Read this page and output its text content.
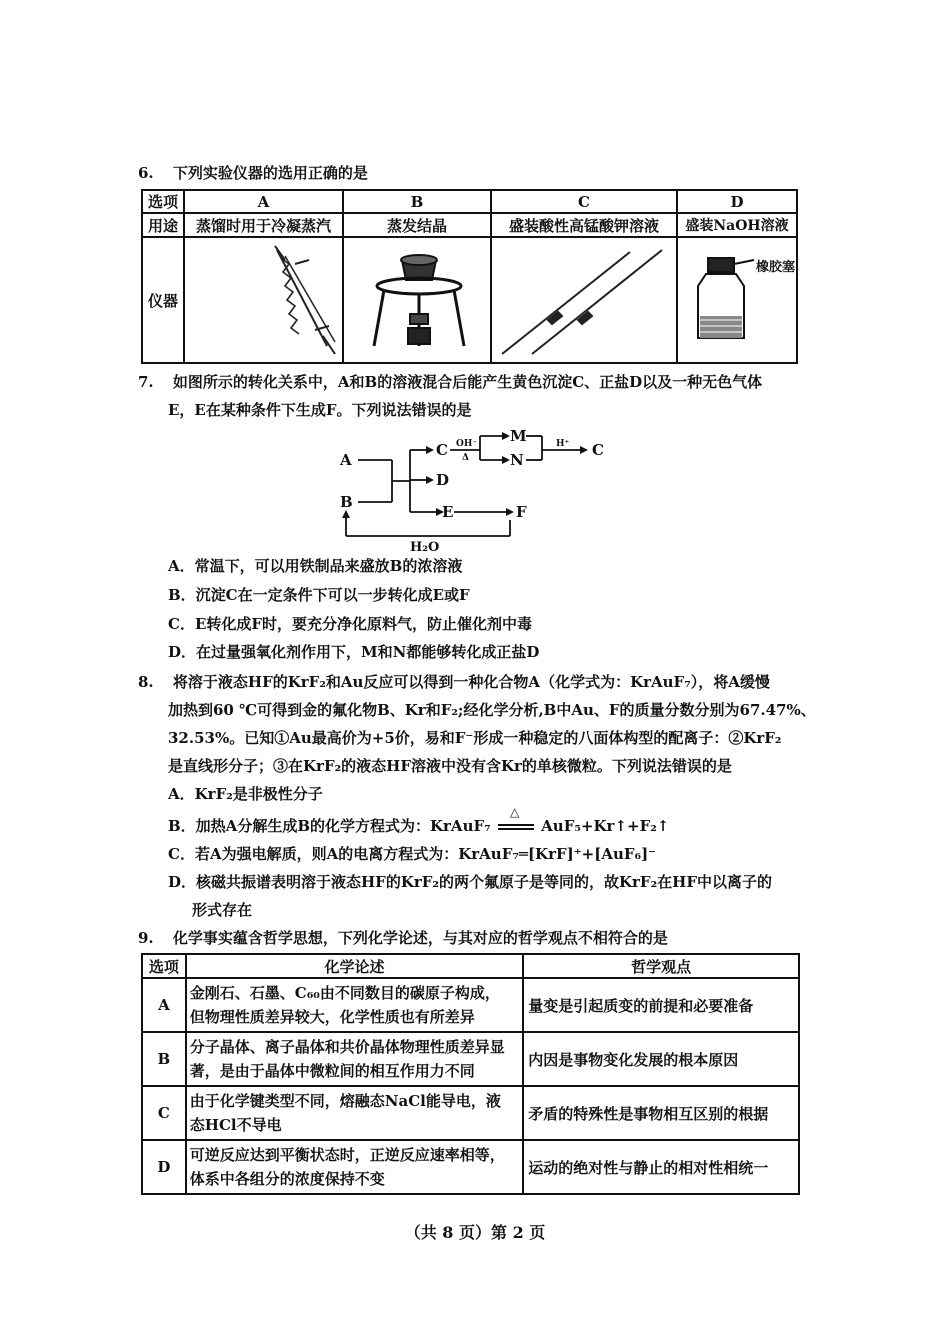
6. 下列实验仪器的选用正确的是
选项	A	B	C	D
用途	蒸馏时用于冷凝蒸汽	蒸发结晶	盛装酸性高锰酸钾溶液	盛装NaOH溶液
仪器				橡胶塞
7. 如图所示的转化关系中，A和B的溶液混合后能产生黄色沉淀C、正盐D以及一种无色气体
E，E在某种条件下生成F。下列说法错误的是
A
B
C
D
E	F
M
N
C
OH⁻
Δ
H⁺
H₂O
A．常温下，可以用铁制品来盛放B的浓溶液
B．沉淀C在一定条件下可以一步转化成E或F
C．E转化成F时，要充分净化原料气，防止催化剂中毒
D．在过量强氧化剂作用下，M和N都能够转化成正盐D
8. 将溶于液态HF的KrF₂和Au反应可以得到一种化合物A（化学式为：KrAuF₇），将A缓慢
加热到60 ℃可得到金的氟化物B、Kr和F₂;经化学分析,B中Au、F的质量分数分别为67.47%、
32.53%。已知①Au最高价为+5价，易和F⁻形成一种稳定的八面体构型的配离子：②KrF₂
是直线形分子；③在KrF₂的液态HF溶液中没有含Kr的单核微粒。下列说法错误的是
A．KrF₂是非极性分子
B．加热A分解生成B的化学方程式为：KrAuF₇
△
AuF₅+Kr↑+F₂↑
C．若A为强电解质，则A的电离方程式为：KrAuF₇═[KrF]⁺+[AuF₆]⁻
D．核磁共振谱表明溶于液态HF的KrF₂的两个氟原子是等同的，故KrF₂在HF中以离子的
形式存在
9. 化学事实蕴含哲学思想，下列化学论述，与其对应的哲学观点不相符合的是
选项	化学论述	哲学观点
A	金刚石、石墨、C₆₀由不同数目的碳原子构成，
但物理性质差异较大，化学性质也有所差异	量变是引起质变的前提和必要准备
B	分子晶体、离子晶体和共价晶体物理性质差异显
著，是由于晶体中微粒间的相互作用力不同	内因是事物变化发展的根本原因
C	由于化学键类型不同，熔融态NaCl能导电，液
态HCl不导电	矛盾的特殊性是事物相互区别的根据
D	可逆反应达到平衡状态时，正逆反应速率相等，
体系中各组分的浓度保持不变	运动的绝对性与静止的相对性相统一
（共 8 页）第 2 页
